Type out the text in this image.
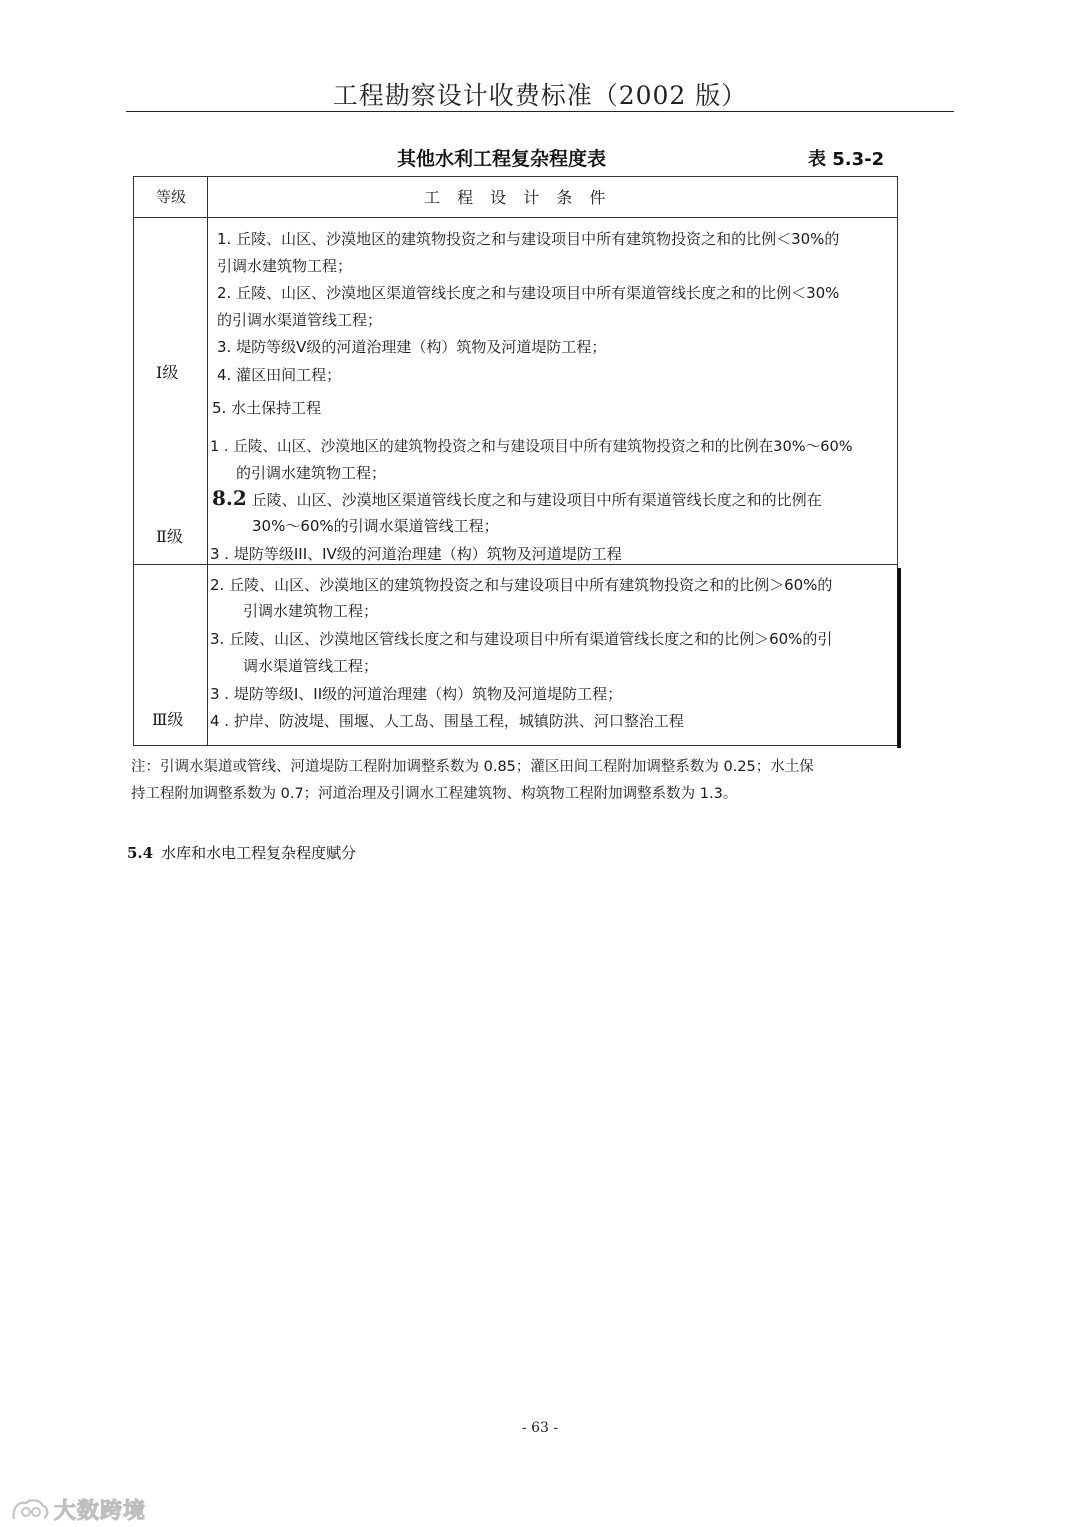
工程勘察设计收费标准（2002 版）
其他水利工程复杂程度表	表 5.3-2
等级	工 程 设 计 条 件
Ⅰ级
Ⅱ级
Ⅲ级
1. 丘陵、山区、沙漠地区的建筑物投资之和与建设项目中所有建筑物投资之和的比例＜30%的
引调水建筑物工程；
2. 丘陵、山区、沙漠地区渠道管线长度之和与建设项目中所有渠道管线长度之和的比例＜30%
的引调水渠道管线工程；
3. 堤防等级Ⅴ级的河道治理建（构）筑物及河道堤防工程；
4. 灌区田间工程；
5. 水土保持工程
1 . 丘陵、山区、沙漠地区的建筑物投资之和与建设项目中所有建筑物投资之和的比例在30%～60%
的引调水建筑物工程；
8.2 丘陵、山区、沙漠地区渠道管线长度之和与建设项目中所有渠道管线长度之和的比例在
30%～60%的引调水渠道管线工程；
3 . 堤防等级III、IV级的河道治理建（构）筑物及河道堤防工程
2. 丘陵、山区、沙漠地区的建筑物投资之和与建设项目中所有建筑物投资之和的比例＞60%的
引调水建筑物工程；
3. 丘陵、山区、沙漠地区管线长度之和与建设项目中所有渠道管线长度之和的比例＞60%的引
调水渠道管线工程；
3 . 堤防等级Ⅰ、II级的河道治理建（构）筑物及河道堤防工程；
4 . 护岸、防波堤、围堰、人工岛、围垦工程，城镇防洪、河口整治工程
注：引调水渠道或管线、河道堤防工程附加调整系数为 0.85；灌区田间工程附加调整系数为 0.25；水土保
持工程附加调整系数为 0.7；河道治理及引调水工程建筑物、构筑物工程附加调整系数为 1.3。
5.4 水库和水电工程复杂程度赋分
- 63 -
大数跨境
